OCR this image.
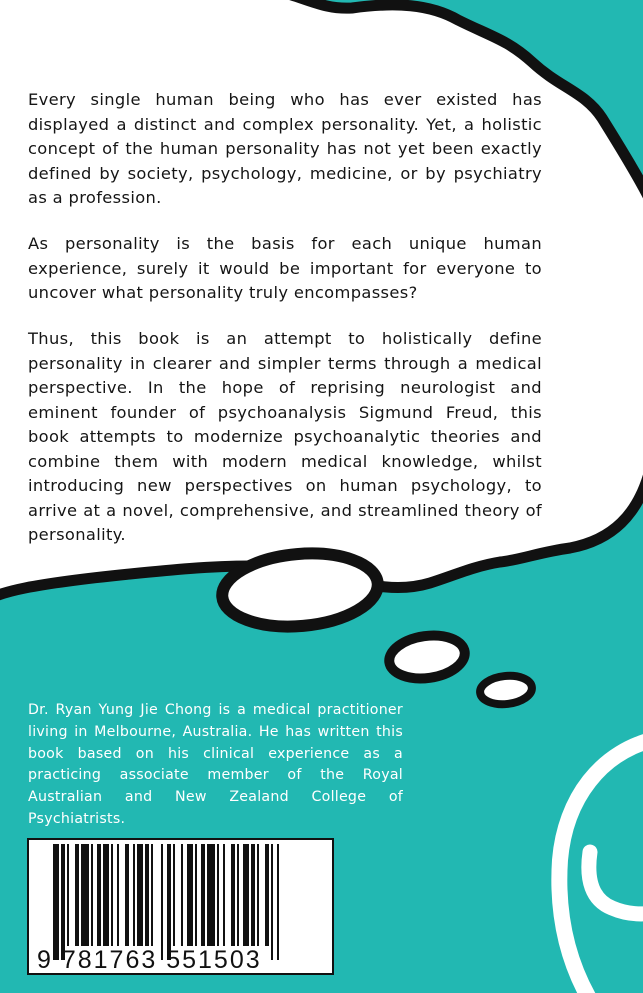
Every single human being who has ever existed has displayed a distinct and complex personality. Yet, a holistic concept of the human personality has not yet been exactly defined by society, psychology, medicine, or by psychiatry as a profession.

As personality is the basis for each unique human experience, surely it would be important for everyone to uncover what personality truly encompasses?

Thus, this book is an attempt to holistically define personality in clearer and simpler terms through a medical perspective. In the hope of reprising neurologist and eminent founder of psychoanalysis Sigmund Freud, this book attempts to modernize psychoanalytic theories and combine them with modern medical knowledge, whilst introducing new perspectives on human psychology, to arrive at a novel, comprehensive, and streamlined theory of personality.

Dr. Ryan Yung Jie Chong is a medical practitioner living in Melbourne, Australia. He has written this book based on his clinical experience as a practicing associate member of the Royal Australian and New Zealand College of Psychiatrists.

9 781763 551503
